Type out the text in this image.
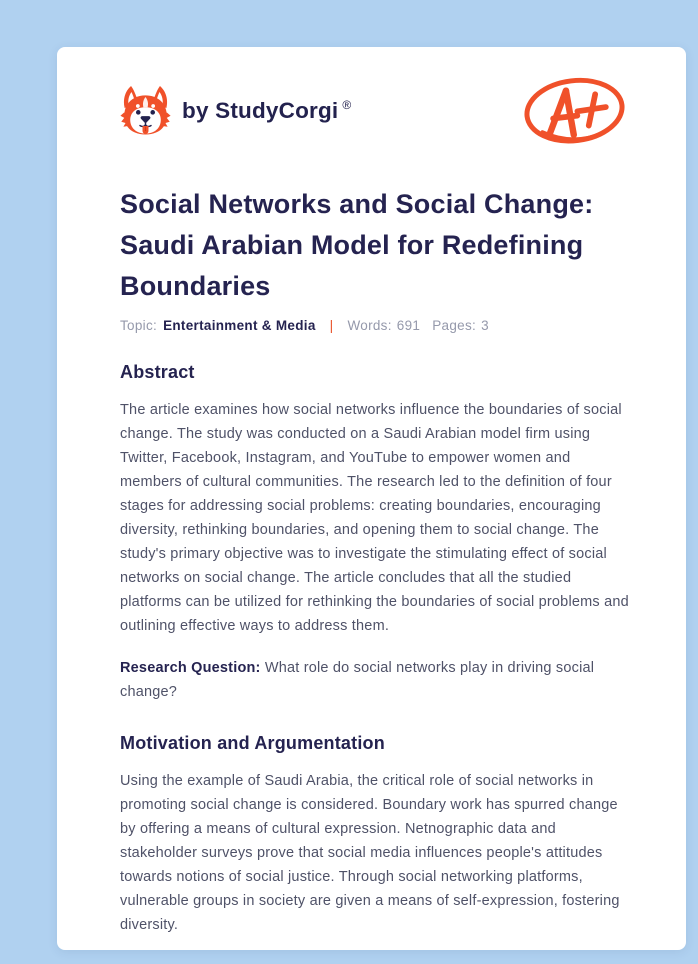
by StudyCorgi ®
Social Networks and Social Change: Saudi Arabian Model for Redefining Boundaries
Topic: Entertainment & Media | Words: 691 Pages: 3
Abstract

The article examines how social networks influence the boundaries of social change. The study was conducted on a Saudi Arabian model firm using Twitter, Facebook, Instagram, and YouTube to empower women and members of cultural communities. The research led to the definition of four stages for addressing social problems: creating boundaries, encouraging diversity, rethinking boundaries, and opening them to social change. The study's primary objective was to investigate the stimulating effect of social networks on social change. The article concludes that all the studied platforms can be utilized for rethinking the boundaries of social problems and outlining effective ways to address them.

Research Question: What role do social networks play in driving social change?

Motivation and Argumentation

Using the example of Saudi Arabia, the critical role of social networks in promoting social change is considered. Boundary work has spurred change by offering a means of cultural expression. Netnographic data and stakeholder surveys prove that social media influences people's attitudes towards notions of social justice. Through social networking platforms, vulnerable groups in society are given a means of self-expression, fostering diversity.
